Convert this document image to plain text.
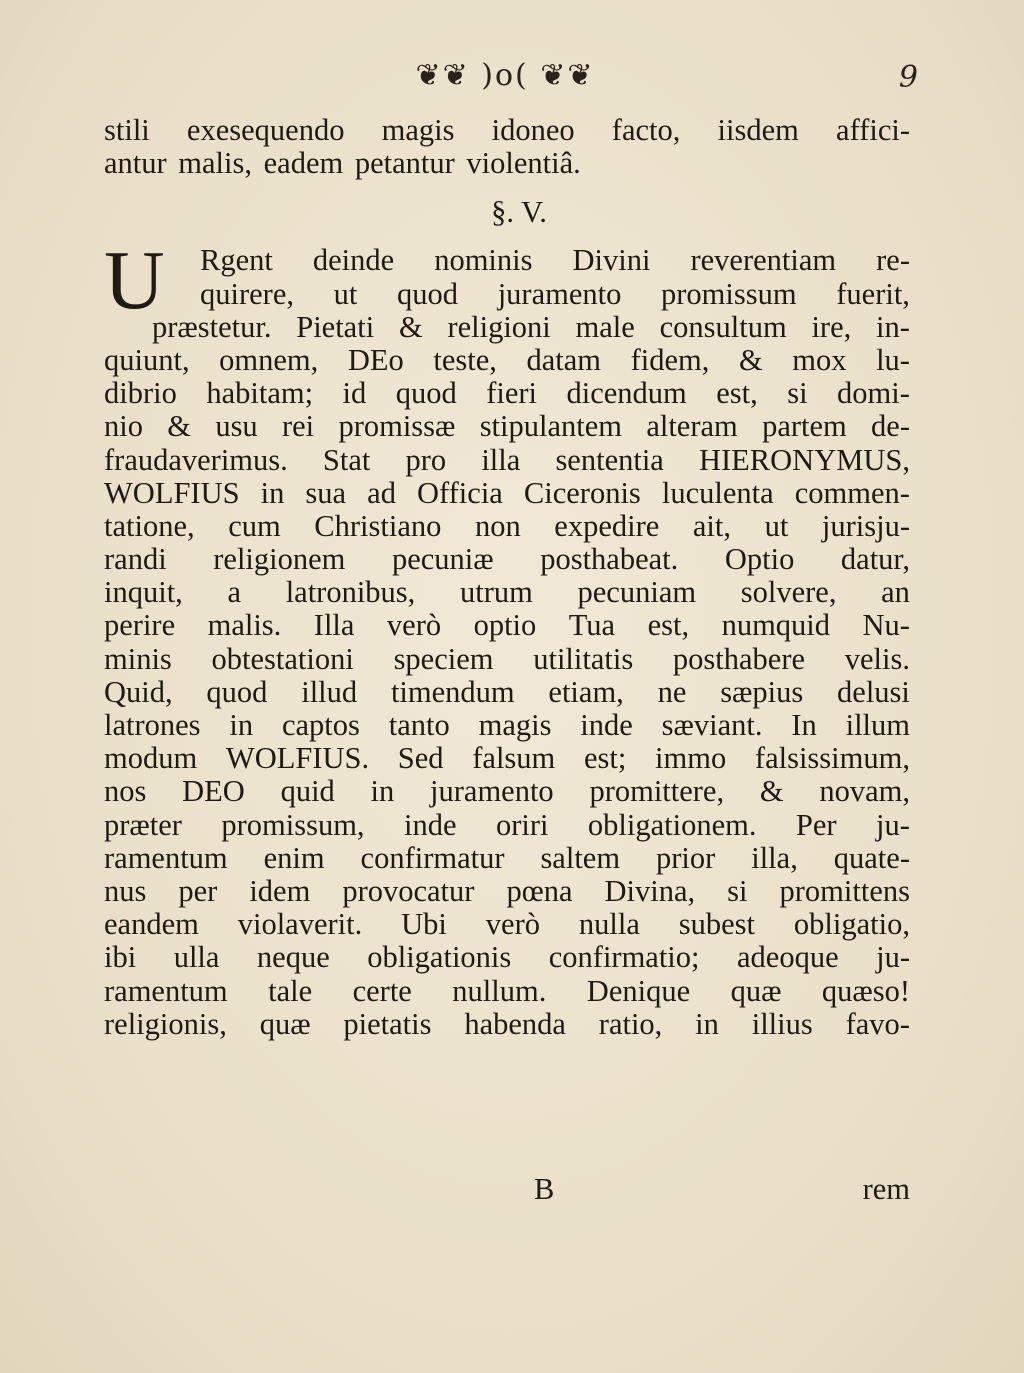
❦❦ )o( ❦❦	9
stili exesequendo magis idoneo facto, iisdem affici-
antur
malis,
eadem
petantur
violentiâ.
§. V.
U Rgent deinde nominis Divini reverentiam re-
quirere, ut quod juramento promissum fuerit,
præstetur. Pietati & religioni male consultum ire, in-
quiunt, omnem, DEo teste, datam fidem, & mox lu-
dibrio habitam; id quod fieri dicendum est, si domi-
nio & usu rei promissæ stipulantem alteram partem de-
fraudaverimus. Stat pro illa sententia HIERONYMUS,
WOLFIUS in sua ad Officia Ciceronis luculenta commen-
tatione, cum Christiano non expedire ait, ut jurisju-
randi religionem pecuniæ posthabeat. Optio datur,
inquit, a latronibus, utrum pecuniam solvere, an
perire malis. Illa verò optio Tua est, numquid Nu-
minis obtestationi speciem utilitatis posthabere velis.
Quid, quod illud timendum etiam, ne sæpius delusi
latrones in captos tanto magis inde sæviant. In illum
modum WOLFIUS. Sed falsum est; immo falsissimum,
nos DEO quid in juramento promittere, & novam,
præter promissum, inde oriri obligationem. Per ju-
ramentum enim confirmatur saltem prior illa, quate-
nus per idem provocatur pœna Divina, si promittens
eandem violaverit. Ubi verò nulla subest obligatio,
ibi ulla neque obligationis confirmatio; adeoque ju-
ramentum tale certe nullum. Denique quæ quæso!
religionis, quæ pietatis habenda ratio, in illius favo-
B	rem
